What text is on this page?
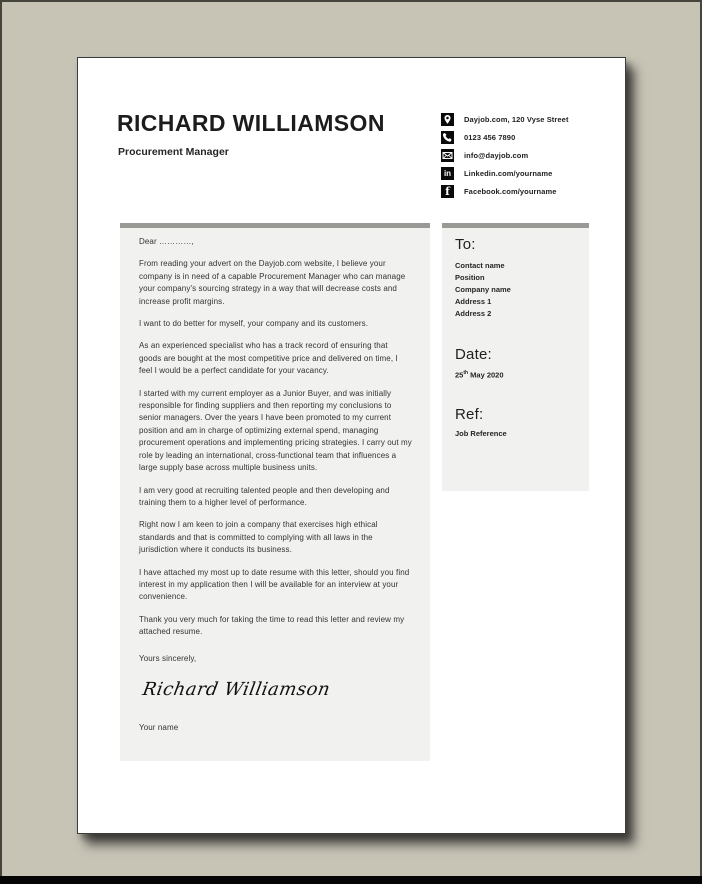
RICHARD WILLIAMSON
Procurement Manager
Dayjob.com, 120 Vyse Street
0123 456 7890
info@dayjob.com
in	Linkedin.com/yourname
f	Facebook.com/yourname

Dear …………,

From reading your advert on the Dayjob.com website, I believe your company is in need of a capable Procurement Manager who can manage your company's sourcing strategy in a way that will decrease costs and increase profit margins.

I want to do better for myself, your company and its customers.

As an experienced specialist who has a track record of ensuring that goods are bought at the most competitive price and delivered on time, I feel I would be a perfect candidate for your vacancy.

I started with my current employer as a Junior Buyer, and was initially responsible for finding suppliers and then reporting my conclusions to senior managers. Over the years I have been promoted to my current position and am in charge of optimizing external spend, managing procurement operations and implementing pricing strategies. I carry out my role by leading an international, cross-functional team that influences a large supply base across multiple business units.

I am very good at recruiting talented people and then developing and training them to a higher level of performance.

Right now I am keen to join a company that exercises high ethical standards and that is committed to complying with all laws in the jurisdiction where it conducts its business.

I have attached my most up to date resume with this letter, should you find interest in my application then I will be available for an interview at your convenience.

Thank you very much for taking the time to read this letter and review my attached resume.

Yours sincerely,

Richard Williamson

Your name

To:
Contact name
Position
Company name
Address 1
Address 2
Date:
25th May 2020
Ref:
Job Reference
